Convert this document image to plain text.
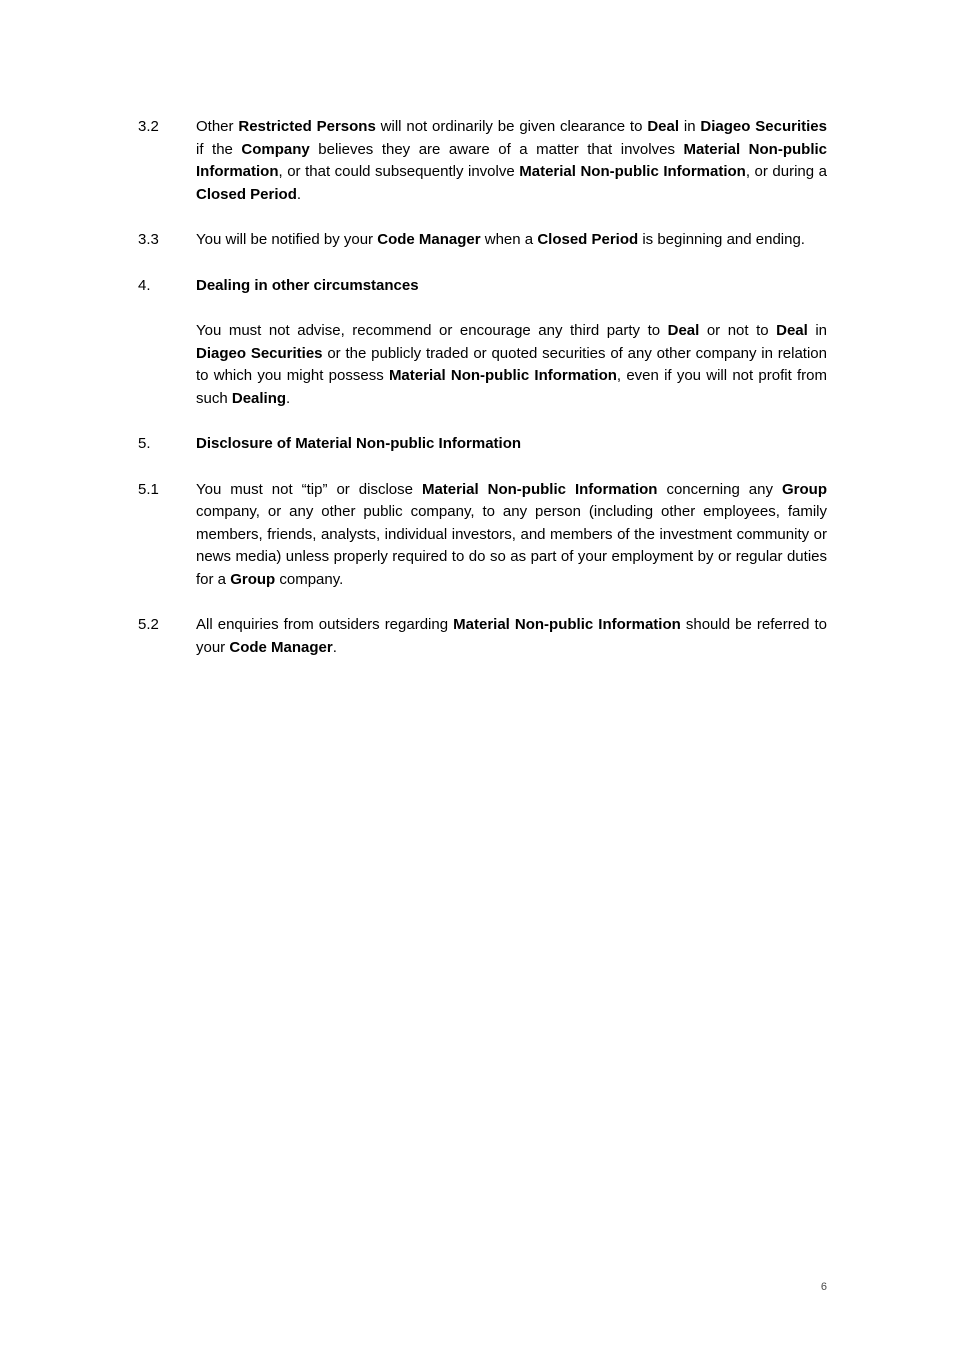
3.2	Other Restricted Persons will not ordinarily be given clearance to Deal in Diageo Securities if the Company believes they are aware of a matter that involves Material Non-public Information, or that could subsequently involve Material Non-public Information, or during a Closed Period.
3.3	You will be notified by your Code Manager when a Closed Period is beginning and ending.
4.	Dealing in other circumstances
You must not advise, recommend or encourage any third party to Deal or not to Deal in Diageo Securities or the publicly traded or quoted securities of any other company in relation to which you might possess Material Non-public Information, even if you will not profit from such Dealing.
5.	Disclosure of Material Non-public Information
5.1	You must not “tip” or disclose Material Non-public Information concerning any Group company, or any other public company, to any person (including other employees, family members, friends, analysts, individual investors, and members of the investment community or news media) unless properly required to do so as part of your employment by or regular duties for a Group company.
5.2	All enquiries from outsiders regarding Material Non-public Information should be referred to your Code Manager.
6
